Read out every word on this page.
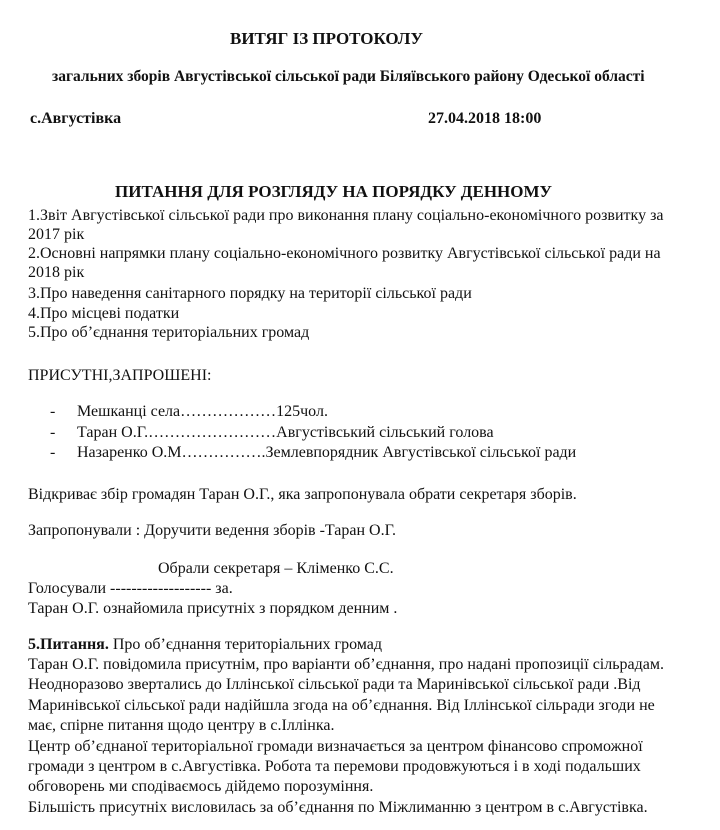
ВИТЯГ ІЗ ПРОТОКОЛУ
загальних зборів Августівської сільської ради Біляївського району Одеської області
с.Августівка	27.04.2018 18:00
ПИТАННЯ ДЛЯ РОЗГЛЯДУ НА ПОРЯДКУ ДЕННОМУ
1.Звіт Августівської сільської ради про виконання плану соціально-економічного розвитку за
2017 рік
2.Основні напрямки плану соціально-економічного розвитку Августівської сільської ради на
2018 рік
3.Про наведення санітарного порядку на території сільської ради
4.Про місцеві податки
5.Про об’єднання територіальних громад
ПРИСУТНІ,ЗАПРОШЕНІ:
- Мешканці села………………125чол.
- Таран О.Г.……………………Августівський сільський голова
- Назаренко О.М…………….Землевпорядник Августівської сільської ради
Відкриває збір громадян Таран О.Г., яка запропонувала обрати секретаря зборів.
Запропонували : Доручити ведення зборів -Таран О.Г.
Обрали секретаря – Кліменко С.С.
Голосували ------------------- за.
Таран О.Г. ознайомила присутніх з порядком денним .
5.Питання. Про об’єднання територіальних громад
Таран О.Г. повідомила присутнім, про варіанти об’єднання, про надані пропозиції сільрадам.
Неодноразово звертались до Іллінської сільської ради та Маринівської сільської ради .Від
Маринівської сільської ради надійшла згода на об’єднання. Від Іллінської сільради згоди не
має, спірне питання щодо центру в с.Іллінка.
Центр об’єднаної територіальної громади визначається за центром фінансово спроможної
громади з центром в с.Августівка. Робота та перемови продовжуються і в ході подальших
обговорень ми сподіваємось дійдемо порозуміння.
Більшість присутніх висловилась за об’єднання по Міжлиманню з центром в с.Августівка.
